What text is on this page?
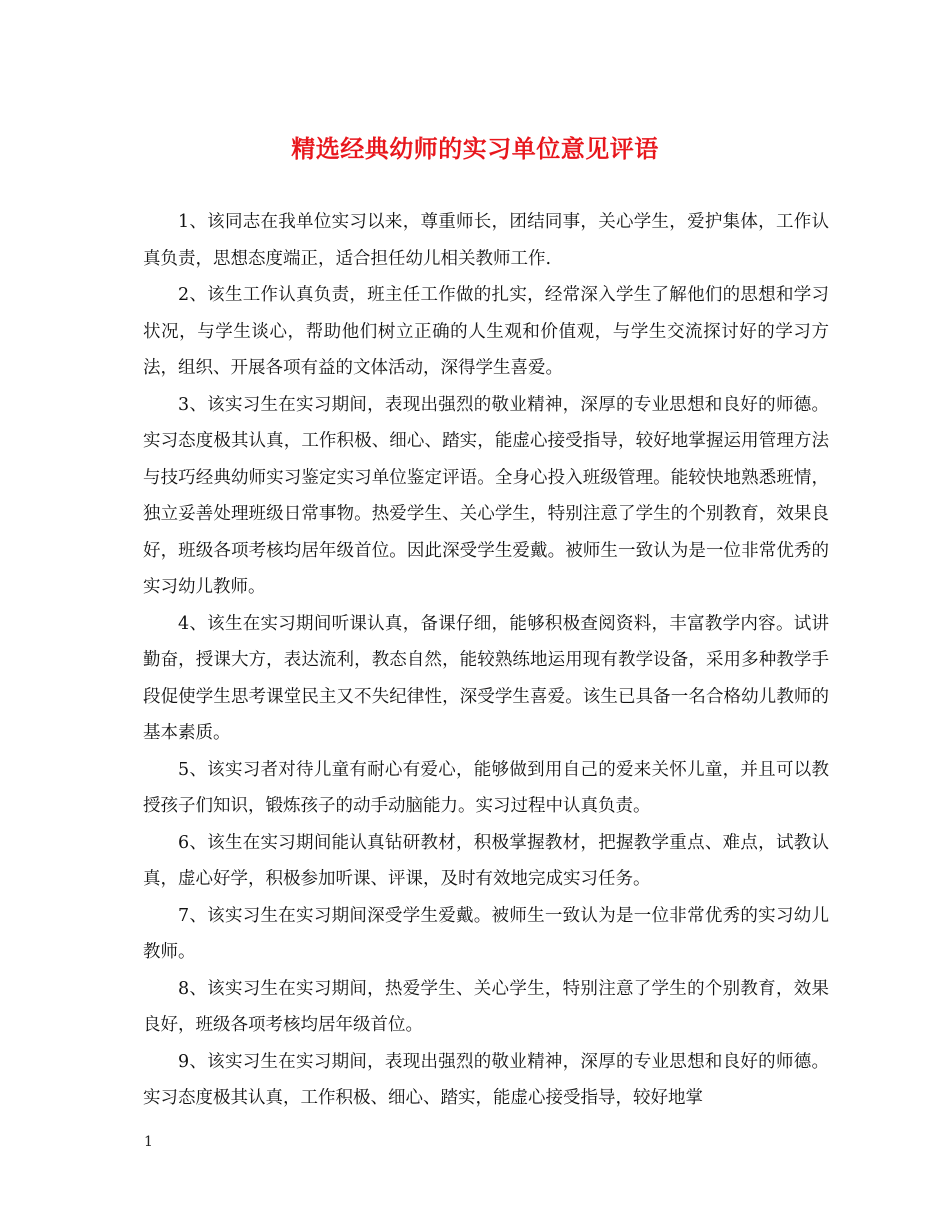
精选经典幼师的实习单位意见评语

1、该同志在我单位实习以来，尊重师长，团结同事，关心学生，爱护集体，工作认真负责，思想态度端正，适合担任幼儿相关教师工作.

2、该生工作认真负责，班主任工作做的扎实，经常深入学生了解他们的思想和学习状况，与学生谈心，帮助他们树立正确的人生观和价值观，与学生交流探讨好的学习方法，组织、开展各项有益的文体活动，深得学生喜爱。

3、该实习生在实习期间，表现出强烈的敬业精神，深厚的专业思想和良好的师德。实习态度极其认真，工作积极、细心、踏实，能虚心接受指导，较好地掌握运用管理方法与技巧经典幼师实习鉴定实习单位鉴定评语。全身心投入班级管理。能较快地熟悉班情，独立妥善处理班级日常事物。热爱学生、关心学生，特别注意了学生的个别教育，效果良好，班级各项考核均居年级首位。因此深受学生爱戴。被师生一致认为是一位非常优秀的实习幼儿教师。

4、该生在实习期间听课认真，备课仔细，能够积极查阅资料，丰富教学内容。试讲勤奋，授课大方，表达流利，教态自然，能较熟练地运用现有教学设备，采用多种教学手段促使学生思考课堂民主又不失纪律性，深受学生喜爱。该生已具备一名合格幼儿教师的基本素质。

5、该实习者对待儿童有耐心有爱心，能够做到用自己的爱来关怀儿童，并且可以教授孩子们知识，锻炼孩子的动手动脑能力。实习过程中认真负责。

6、该生在实习期间能认真钻研教材，积极掌握教材，把握教学重点、难点，试教认真，虚心好学，积极参加听课、评课，及时有效地完成实习任务。

7、该实习生在实习期间深受学生爱戴。被师生一致认为是一位非常优秀的实习幼儿教师。

8、该实习生在实习期间，热爱学生、关心学生，特别注意了学生的个别教育，效果良好，班级各项考核均居年级首位。

9、该实习生在实习期间，表现出强烈的敬业精神，深厚的专业思想和良好的师德。实习态度极其认真，工作积极、细心、踏实，能虚心接受指导，较好地掌

1
